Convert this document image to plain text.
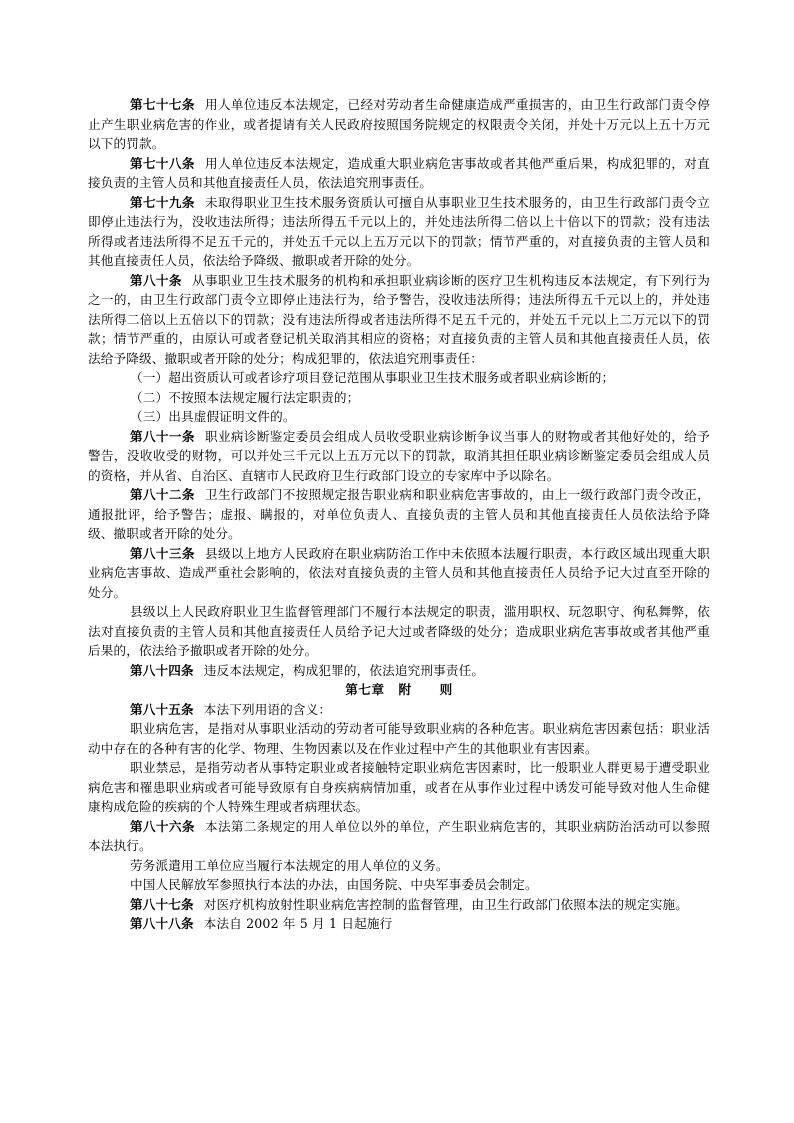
第七十七条 用人单位违反本法规定，已经对劳动者生命健康造成严重损害的，由卫生行政部门责令停止产生职业病危害的作业，或者提请有关人民政府按照国务院规定的权限责令关闭，并处十万元以上五十万元以下的罚款。

第七十八条 用人单位违反本法规定，造成重大职业病危害事故或者其他严重后果，构成犯罪的，对直接负责的主管人员和其他直接责任人员，依法追究刑事责任。

第七十九条 未取得职业卫生技术服务资质认可擅自从事职业卫生技术服务的，由卫生行政部门责令立即停止违法行为，没收违法所得；违法所得五千元以上的，并处违法所得二倍以上十倍以下的罚款；没有违法所得或者违法所得不足五千元的，并处五千元以上五万元以下的罚款；情节严重的，对直接负责的主管人员和其他直接责任人员，依法给予降级、撤职或者开除的处分。

第八十条 从事职业卫生技术服务的机构和承担职业病诊断的医疗卫生机构违反本法规定，有下列行为之一的，由卫生行政部门责令立即停止违法行为，给予警告，没收违法所得；违法所得五千元以上的，并处违法所得二倍以上五倍以下的罚款；没有违法所得或者违法所得不足五千元的，并处五千元以上二万元以下的罚款；情节严重的，由原认可或者登记机关取消其相应的资格；对直接负责的主管人员和其他直接责任人员，依法给予降级、撤职或者开除的处分；构成犯罪的，依法追究刑事责任：

（一）超出资质认可或者诊疗项目登记范围从事职业卫生技术服务或者职业病诊断的；

（二）不按照本法规定履行法定职责的；

（三）出具虚假证明文件的。

第八十一条 职业病诊断鉴定委员会组成人员收受职业病诊断争议当事人的财物或者其他好处的，给予警告，没收收受的财物，可以并处三千元以上五万元以下的罚款，取消其担任职业病诊断鉴定委员会组成人员的资格，并从省、自治区、直辖市人民政府卫生行政部门设立的专家库中予以除名。

第八十二条 卫生行政部门不按照规定报告职业病和职业病危害事故的，由上一级行政部门责令改正，通报批评，给予警告；虚报、瞒报的，对单位负责人、直接负责的主管人员和其他直接责任人员依法给予降级、撤职或者开除的处分。

第八十三条 县级以上地方人民政府在职业病防治工作中未依照本法履行职责，本行政区域出现重大职业病危害事故、造成严重社会影响的，依法对直接负责的主管人员和其他直接责任人员给予记大过直至开除的处分。

县级以上人民政府职业卫生监督管理部门不履行本法规定的职责，滥用职权、玩忽职守、徇私舞弊，依法对直接负责的主管人员和其他直接责任人员给予记大过或者降级的处分；造成职业病危害事故或者其他严重后果的，依法给予撤职或者开除的处分。

第八十四条 违反本法规定，构成犯罪的，依法追究刑事责任。

第七章 附 则

第八十五条 本法下列用语的含义：

职业病危害，是指对从事职业活动的劳动者可能导致职业病的各种危害。职业病危害因素包括：职业活动中存在的各种有害的化学、物理、生物因素以及在作业过程中产生的其他职业有害因素。

职业禁忌，是指劳动者从事特定职业或者接触特定职业病危害因素时，比一般职业人群更易于遭受职业病危害和罹患职业病或者可能导致原有自身疾病病情加重，或者在从事作业过程中诱发可能导致对他人生命健康构成危险的疾病的个人特殊生理或者病理状态。

第八十六条 本法第二条规定的用人单位以外的单位，产生职业病危害的，其职业病防治活动可以参照本法执行。

劳务派遣用工单位应当履行本法规定的用人单位的义务。

中国人民解放军参照执行本法的办法，由国务院、中央军事委员会制定。

第八十七条 对医疗机构放射性职业病危害控制的监督管理，由卫生行政部门依照本法的规定实施。

第八十八条 本法自 2002 年 5 月 1 日起施行
